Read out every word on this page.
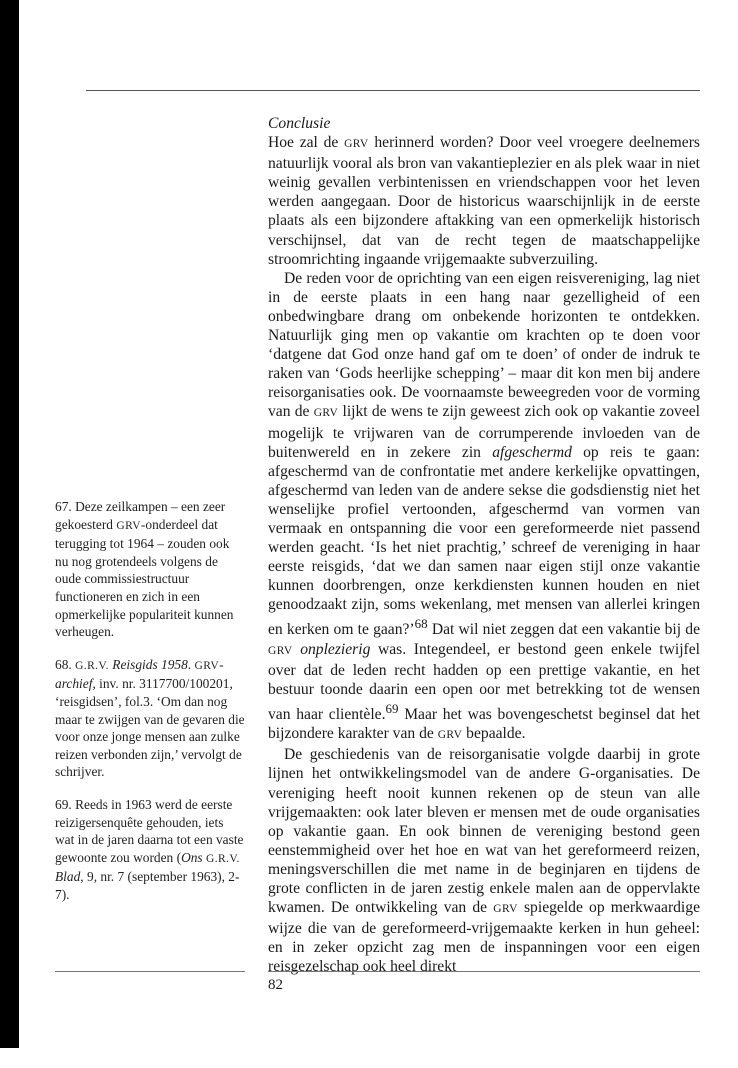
Conclusie

Hoe zal de GRV herinnerd worden? Door veel vroegere deelnemers natuurlijk vooral als bron van vakantieplezier en als plek waar in niet weinig gevallen verbintenissen en vriendschappen voor het leven werden aangegaan. Door de historicus waarschijnlijk in de eerste plaats als een bijzondere aftakking van een opmerkelijk historisch verschijnsel, dat van de recht tegen de maatschappelijke stroomrichting ingaande vrijgemaakte subverzuiling.

De reden voor de oprichting van een eigen reisvereniging, lag niet in de eerste plaats in een hang naar gezelligheid of een onbedwingbare drang om onbekende horizonten te ontdekken. Natuurlijk ging men op vakantie om krachten op te doen voor ‘datgene dat God onze hand gaf om te doen’ of onder de indruk te raken van ‘Gods heerlijke schepping’ – maar dit kon men bij andere reisorganisaties ook. De voornaamste beweegreden voor de vorming van de GRV lijkt de wens te zijn geweest zich ook op vakantie zoveel mogelijk te vrijwaren van de corrumperende invloeden van de buitenwereld en in zekere zin afgeschermd op reis te gaan: afgeschermd van de confrontatie met andere kerkelijke opvattingen, afgeschermd van leden van de andere sekse die godsdienstig niet het wenselijke profiel vertoonden, afgeschermd van vormen van vermaak en ontspanning die voor een gereformeerde niet passend werden geacht. ‘Is het niet prachtig,’ schreef de vereniging in haar eerste reisgids, ‘dat we dan samen naar eigen stijl onze vakantie kunnen doorbrengen, onze kerkdiensten kunnen houden en niet genoodzaakt zijn, soms wekenlang, met mensen van allerlei kringen en kerken om te gaan?’$^{68}$ Dat wil niet zeggen dat een vakantie bij de GRV onplezierig was. Integendeel, er bestond geen enkele twijfel over dat de leden recht hadden op een prettige vakantie, en het bestuur toonde daarin een open oor met betrekking tot de wensen van haar clientèle.$^{69}$ Maar het was bovengeschetst beginsel dat het bijzondere karakter van de GRV bepaalde.

De geschiedenis van de reisorganisatie volgde daarbij in grote lijnen het ontwikkelingsmodel van de andere G-organisaties. De vereniging heeft nooit kunnen rekenen op de steun van alle vrijgemaakten: ook later bleven er mensen met de oude organisaties op vakantie gaan. En ook binnen de vereniging bestond geen eenstemmigheid over het hoe en wat van het gereformeerd reizen, meningsverschillen die met name in de beginjaren en tijdens de grote conflicten in de jaren zestig enkele malen aan de oppervlakte kwamen. De ontwikkeling van de GRV spiegelde op merkwaardige wijze die van de gereformeerd-vrijgemaakte kerken in hun geheel: en in zeker opzicht zag men de inspanningen voor een eigen reisgezelschap ook heel direkt

67. Deze zeilkampen – een zeer gekoesterd GRV-onderdeel dat terugging tot 1964 – zouden ook nu nog grotendeels volgens de oude commissiestructuur functioneren en zich in een opmerkelijke populariteit kunnen verheugen.

68. G.R.V. Reisgids 1958. GRV-archief, inv. nr. 3117700/100201, ‘reisgidsen’, fol.3. ‘Om dan nog maar te zwijgen van de gevaren die voor onze jonge mensen aan zulke reizen verbonden zijn,’ vervolgt de schrijver.

69. Reeds in 1963 werd de eerste reizigersenquête gehouden, iets wat in de jaren daarna tot een vaste gewoonte zou worden (Ons G.R.V. Blad, 9, nr. 7 (september 1963), 2-7).

82
